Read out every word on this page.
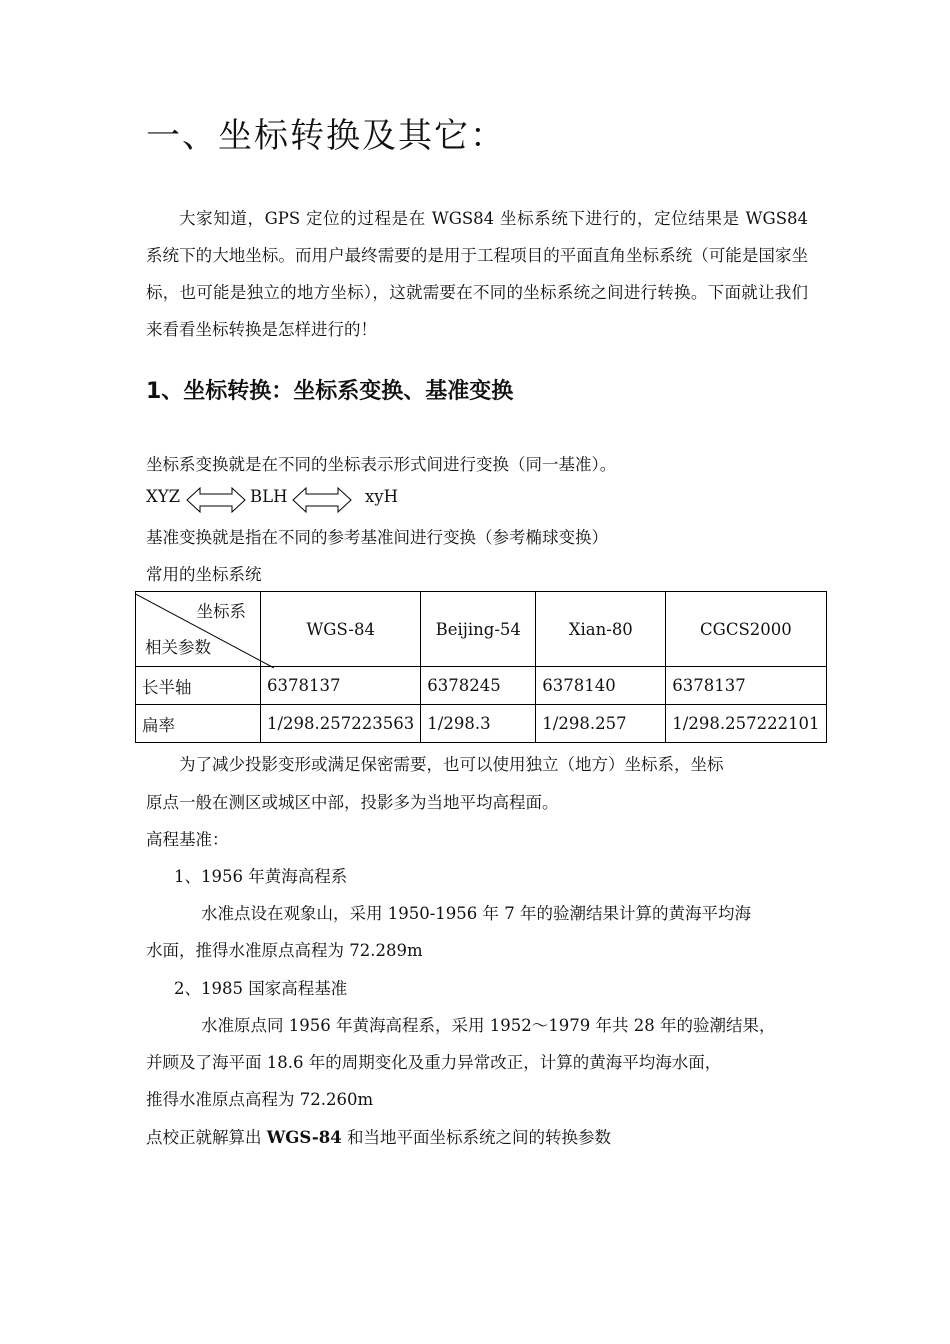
一、坐标转换及其它：
大家知道，GPS 定位的过程是在 WGS84 坐标系统下进行的，定位结果是 WGS84 系统下的大地坐标。而用户最终需要的是用于工程项目的平面直角坐标系统（可能是国家坐标，也可能是独立的地方坐标），这就需要在不同的坐标系统之间进行转换。下面就让我们来看看坐标转换是怎样进行的！
1、坐标转换：坐标系变换、基准变换
坐标系变换就是在不同的坐标表示形式间进行变换（同一基准）。
XYZ	BLH	xyH
基准变换就是指在不同的参考基准间进行变换（参考椭球变换）
常用的坐标系统
坐标系
相关参数	WGS-84	Beijing-54	Xian-80	CGCS2000
长半轴	6378137	6378245	6378140	6378137
扁率	1/298.257223563	1/298.3	1/298.257	1/298.257222101
为了减少投影变形或满足保密需要，也可以使用独立（地方）坐标系，坐标
原点一般在测区或城区中部，投影多为当地平均高程面。
高程基准：
1、1956 年黄海高程系
水准点设在观象山，采用 1950-1956 年 7 年的验潮结果计算的黄海平均海
水面，推得水准原点高程为 72.289m
2、1985 国家高程基准
水准原点同 1956 年黄海高程系，采用 1952～1979 年共 28 年的验潮结果，
并顾及了海平面 18.6 年的周期变化及重力异常改正，计算的黄海平均海水面，
推得水准原点高程为 72.260m
点校正就解算出 WGS-84 和当地平面坐标系统之间的转换参数
